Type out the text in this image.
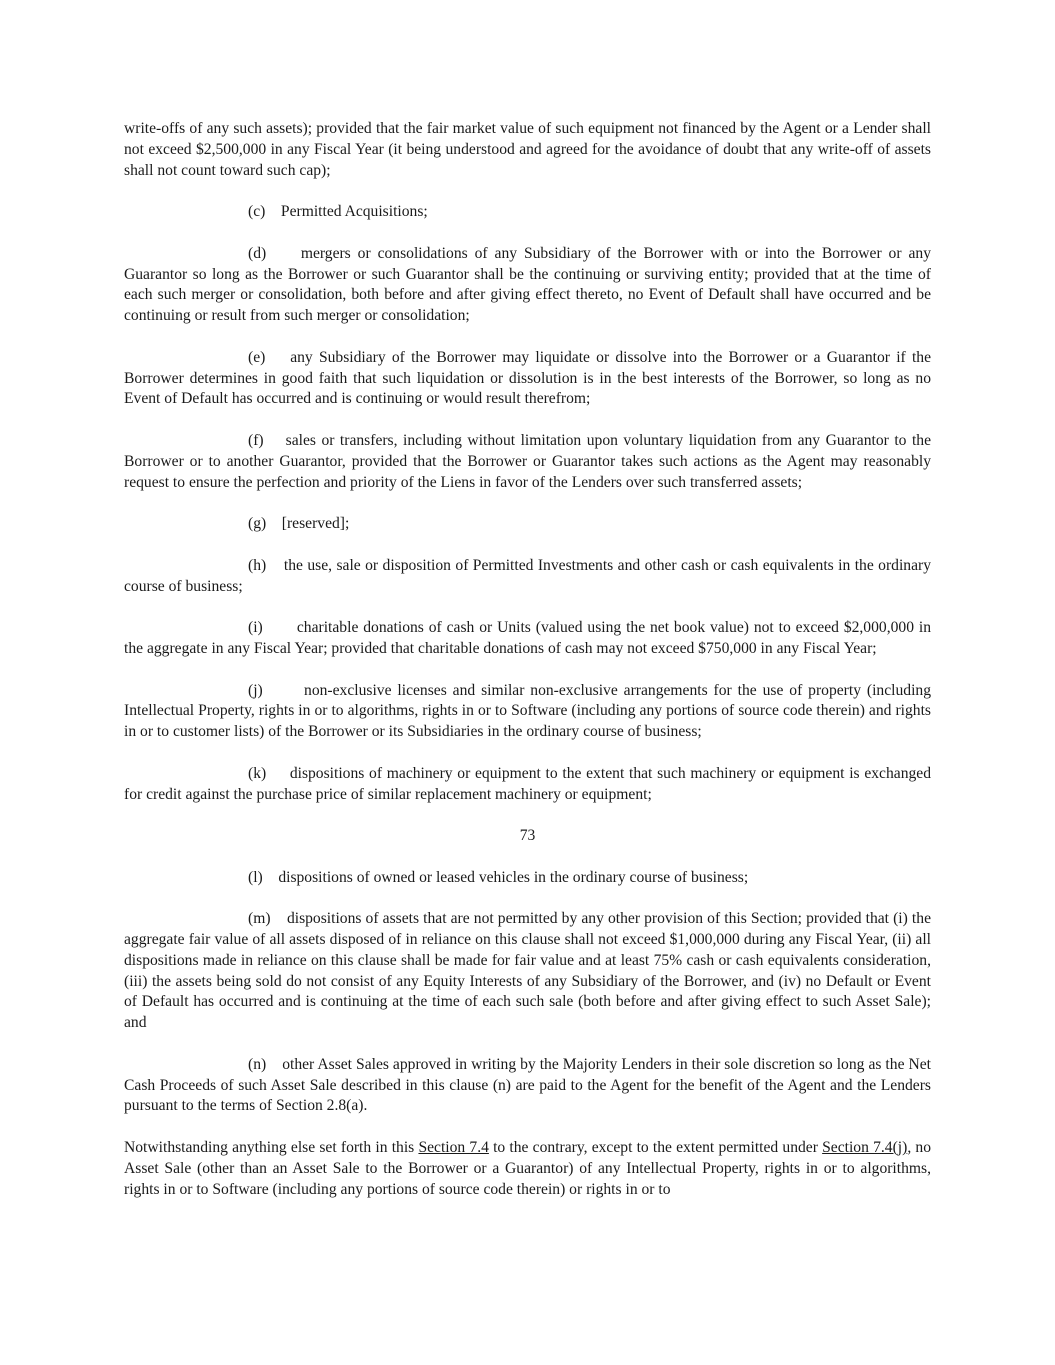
write-offs of any such assets); provided that the fair market value of such equipment not financed by the Agent or a Lender shall not exceed $2,500,000 in any Fiscal Year (it being understood and agreed for the avoidance of doubt that any write-off of assets shall not count toward such cap);

(c) Permitted Acquisitions;

(d) mergers or consolidations of any Subsidiary of the Borrower with or into the Borrower or any Guarantor so long as the Borrower or such Guarantor shall be the continuing or surviving entity; provided that at the time of each such merger or consolidation, both before and after giving effect thereto, no Event of Default shall have occurred and be continuing or result from such merger or consolidation;

(e) any Subsidiary of the Borrower may liquidate or dissolve into the Borrower or a Guarantor if the Borrower determines in good faith that such liquidation or dissolution is in the best interests of the Borrower, so long as no Event of Default has occurred and is continuing or would result therefrom;

(f) sales or transfers, including without limitation upon voluntary liquidation from any Guarantor to the Borrower or to another Guarantor, provided that the Borrower or Guarantor takes such actions as the Agent may reasonably request to ensure the perfection and priority of the Liens in favor of the Lenders over such transferred assets;

(g) [reserved];

(h) the use, sale or disposition of Permitted Investments and other cash or cash equivalents in the ordinary course of business;

(i) charitable donations of cash or Units (valued using the net book value) not to exceed $2,000,000 in the aggregate in any Fiscal Year; provided that charitable donations of cash may not exceed $750,000 in any Fiscal Year;

(j)	non-exclusive licenses and similar non-exclusive arrangements for the use of property (including Intellectual Property, rights in or to algorithms, rights in or to Software (including any portions of source code therein) and rights in or to customer lists) of the Borrower or its Subsidiaries in the ordinary course of business;

(k) dispositions of machinery or equipment to the extent that such machinery or equipment is exchanged for credit against the purchase price of similar replacement machinery or equipment;

73

(l) dispositions of owned or leased vehicles in the ordinary course of business;

(m) dispositions of assets that are not permitted by any other provision of this Section; provided that (i) the aggregate fair value of all assets disposed of in reliance on this clause shall not exceed $1,000,000 during any Fiscal Year, (ii) all dispositions made in reliance on this clause shall be made for fair value and at least 75% cash or cash equivalents consideration, (iii) the assets being sold do not consist of any Equity Interests of any Subsidiary of the Borrower, and (iv) no Default or Event of Default has occurred and is continuing at the time of each such sale (both before and after giving effect to such Asset Sale); and

(n) other Asset Sales approved in writing by the Majority Lenders in their sole discretion so long as the Net Cash Proceeds of such Asset Sale described in this clause (n) are paid to the Agent for the benefit of the Agent and the Lenders pursuant to the terms of Section 2.8(a).

Notwithstanding anything else set forth in this Section 7.4 to the contrary, except to the extent permitted under Section 7.4(j), no Asset Sale (other than an Asset Sale to the Borrower or a Guarantor) of any Intellectual Property, rights in or to algorithms, rights in or to Software (including any portions of source code therein) or rights in or to
